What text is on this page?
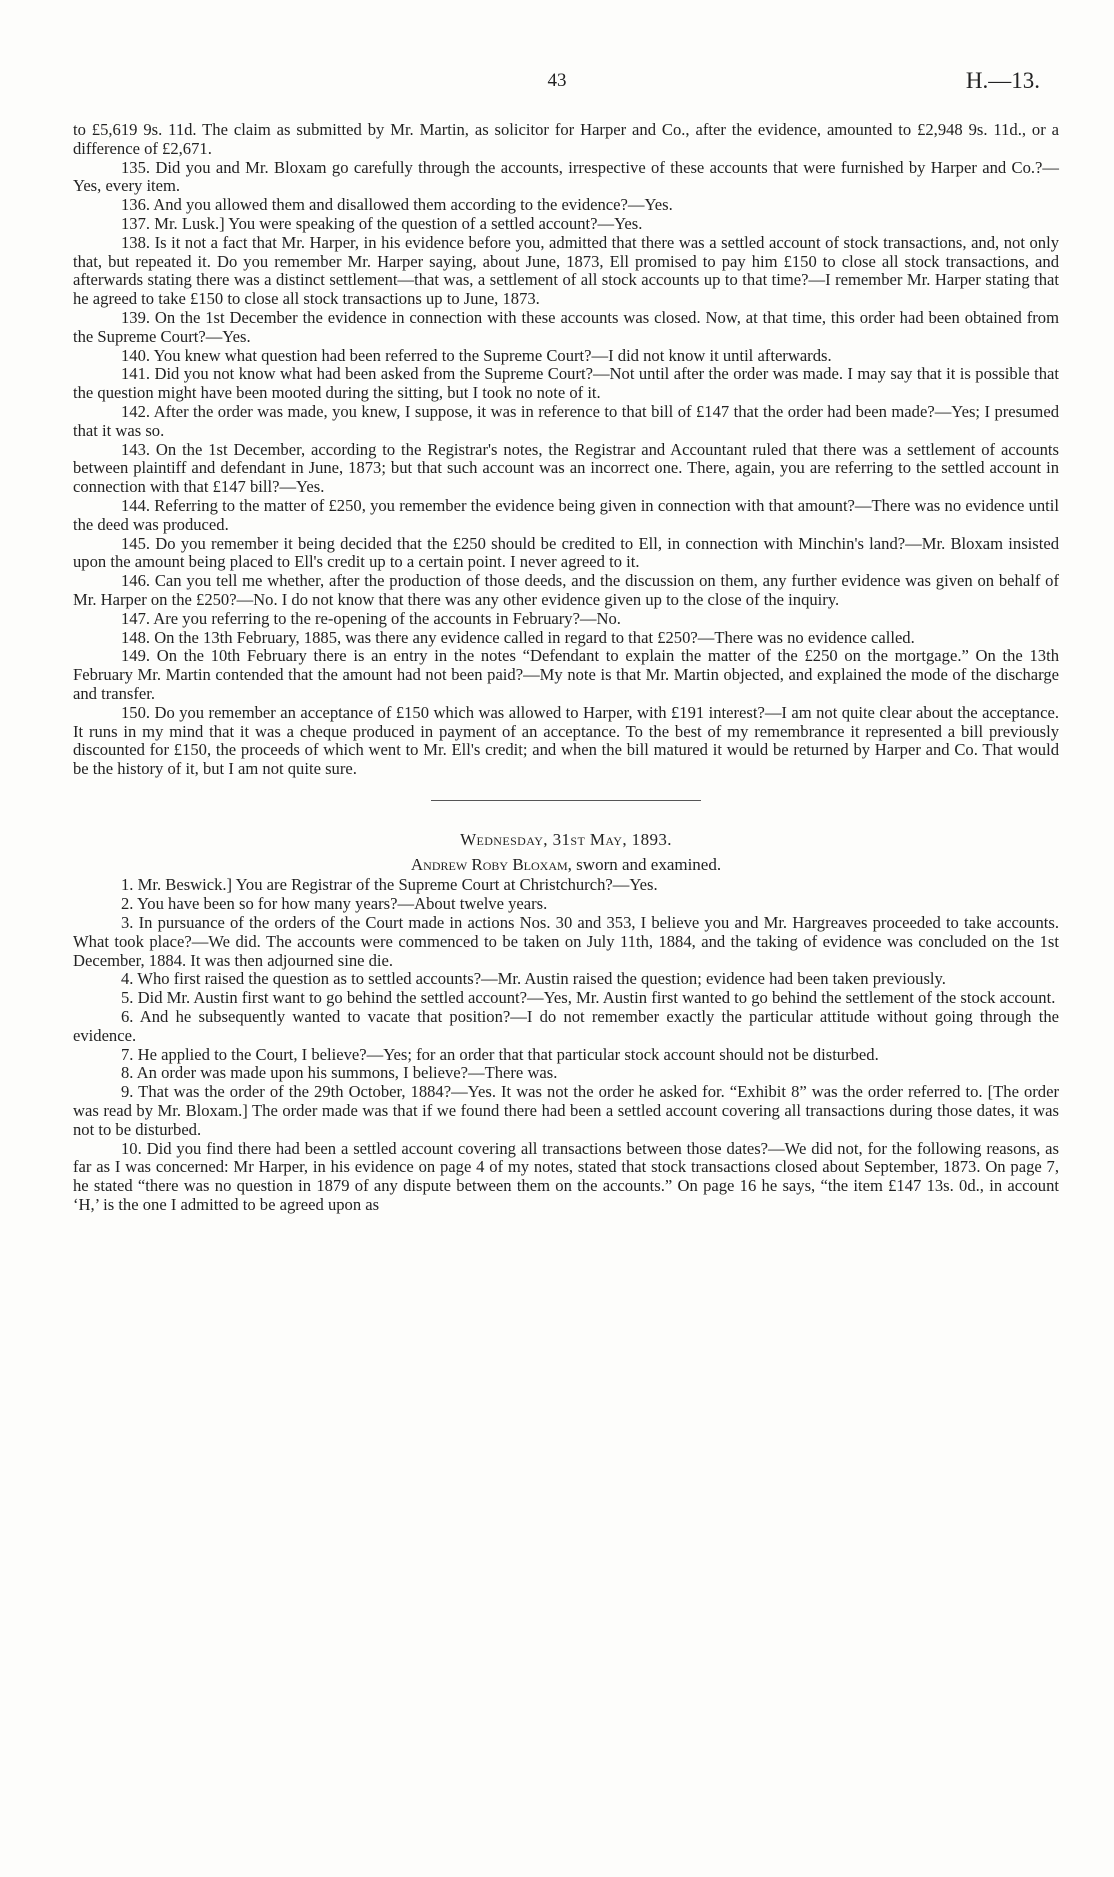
43	H.—13.

to £5,619 9s. 11d. The claim as submitted by Mr. Martin, as solicitor for Harper and Co., after the evidence, amounted to £2,948 9s. 11d., or a difference of £2,671.

135. Did you and Mr. Bloxam go carefully through the accounts, irrespective of these accounts that were furnished by Harper and Co.?—Yes, every item.

136. And you allowed them and disallowed them according to the evidence?—Yes.

137. Mr. Lusk.] You were speaking of the question of a settled account?—Yes.

138. Is it not a fact that Mr. Harper, in his evidence before you, admitted that there was a settled account of stock transactions, and, not only that, but repeated it. Do you remember Mr. Harper saying, about June, 1873, Ell promised to pay him £150 to close all stock transactions, and afterwards stating there was a distinct settlement—that was, a settlement of all stock accounts up to that time?—I remember Mr. Harper stating that he agreed to take £150 to close all stock transactions up to June, 1873.

139. On the 1st December the evidence in connection with these accounts was closed. Now, at that time, this order had been obtained from the Supreme Court?—Yes.

140. You knew what question had been referred to the Supreme Court?—I did not know it until afterwards.

141. Did you not know what had been asked from the Supreme Court?—Not until after the order was made. I may say that it is possible that the question might have been mooted during the sitting, but I took no note of it.

142. After the order was made, you knew, I suppose, it was in reference to that bill of £147 that the order had been made?—Yes; I presumed that it was so.

143. On the 1st December, according to the Registrar's notes, the Registrar and Accountant ruled that there was a settlement of accounts between plaintiff and defendant in June, 1873; but that such account was an incorrect one. There, again, you are referring to the settled account in connection with that £147 bill?—Yes.

144. Referring to the matter of £250, you remember the evidence being given in connection with that amount?—There was no evidence until the deed was produced.

145. Do you remember it being decided that the £250 should be credited to Ell, in connection with Minchin's land?—Mr. Bloxam insisted upon the amount being placed to Ell's credit up to a certain point. I never agreed to it.

146. Can you tell me whether, after the production of those deeds, and the discussion on them, any further evidence was given on behalf of Mr. Harper on the £250?—No. I do not know that there was any other evidence given up to the close of the inquiry.

147. Are you referring to the re-opening of the accounts in February?—No.

148. On the 13th February, 1885, was there any evidence called in regard to that £250?—There was no evidence called.

149. On the 10th February there is an entry in the notes “Defendant to explain the matter of the £250 on the mortgage.” On the 13th February Mr. Martin contended that the amount had not been paid?—My note is that Mr. Martin objected, and explained the mode of the discharge and transfer.

150. Do you remember an acceptance of £150 which was allowed to Harper, with £191 interest?—I am not quite clear about the acceptance. It runs in my mind that it was a cheque produced in payment of an acceptance. To the best of my remembrance it represented a bill previously discounted for £150, the proceeds of which went to Mr. Ell's credit; and when the bill matured it would be returned by Harper and Co. That would be the history of it, but I am not quite sure.

Wednesday, 31st May, 1893.
Andrew Roby Bloxam, sworn and examined.

1. Mr. Beswick.] You are Registrar of the Supreme Court at Christchurch?—Yes.

2. You have been so for how many years?—About twelve years.

3. In pursuance of the orders of the Court made in actions Nos. 30 and 353, I believe you and Mr. Hargreaves proceeded to take accounts. What took place?—We did. The accounts were commenced to be taken on July 11th, 1884, and the taking of evidence was concluded on the 1st December, 1884. It was then adjourned sine die.

4. Who first raised the question as to settled accounts?—Mr. Austin raised the question; evidence had been taken previously.

5. Did Mr. Austin first want to go behind the settled account?—Yes, Mr. Austin first wanted to go behind the settlement of the stock account.

6. And he subsequently wanted to vacate that position?—I do not remember exactly the particular attitude without going through the evidence.

7. He applied to the Court, I believe?—Yes; for an order that that particular stock account should not be disturbed.

8. An order was made upon his summons, I believe?—There was.

9. That was the order of the 29th October, 1884?—Yes. It was not the order he asked for. “Exhibit 8” was the order referred to. [The order was read by Mr. Bloxam.] The order made was that if we found there had been a settled account covering all transactions during those dates, it was not to be disturbed.

10. Did you find there had been a settled account covering all transactions between those dates?—We did not, for the following reasons, as far as I was concerned: Mr Harper, in his evidence on page 4 of my notes, stated that stock transactions closed about September, 1873. On page 7, he stated “there was no question in 1879 of any dispute between them on the accounts.” On page 16 he says, “the item £147 13s. 0d., in account ‘H,’ is the one I admitted to be agreed upon as
